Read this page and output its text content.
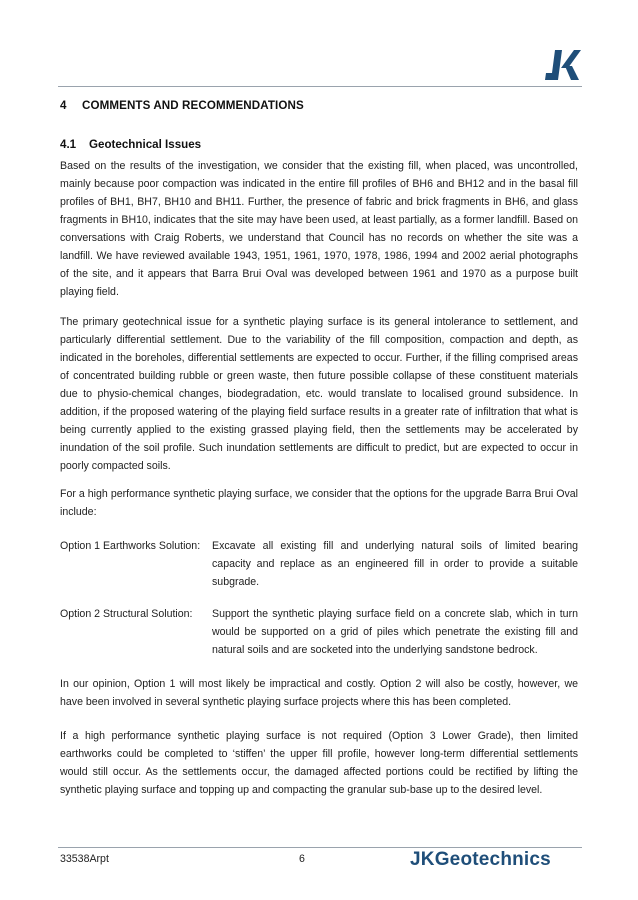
4 COMMENTS AND RECOMMENDATIONS
4.1 Geotechnical Issues

Based on the results of the investigation, we consider that the existing fill, when placed, was uncontrolled, mainly because poor compaction was indicated in the entire fill profiles of BH6 and BH12 and in the basal fill profiles of BH1, BH7, BH10 and BH11. Further, the presence of fabric and brick fragments in BH6, and glass fragments in BH10, indicates that the site may have been used, at least partially, as a former landfill. Based on conversations with Craig Roberts, we understand that Council has no records on whether the site was a landfill. We have reviewed available 1943, 1951, 1961, 1970, 1978, 1986, 1994 and 2002 aerial photographs of the site, and it appears that Barra Brui Oval was developed between 1961 and 1970 as a purpose built playing field.

The primary geotechnical issue for a synthetic playing surface is its general intolerance to settlement, and particularly differential settlement. Due to the variability of the fill composition, compaction and depth, as indicated in the boreholes, differential settlements are expected to occur. Further, if the filling comprised areas of concentrated building rubble or green waste, then future possible collapse of these constituent materials due to physio-chemical changes, biodegradation, etc. would translate to localised ground subsidence. In addition, if the proposed watering of the playing field surface results in a greater rate of infiltration that what is being currently applied to the existing grassed playing field, then the settlements may be accelerated by inundation of the soil profile. Such inundation settlements are difficult to predict, but are expected to occur in poorly compacted soils.

For a high performance synthetic playing surface, we consider that the options for the upgrade Barra Brui Oval include:

Option 1 Earthworks Solution: Excavate all existing fill and underlying natural soils of limited bearing capacity and replace as an engineered fill in order to provide a suitable subgrade.

Option 2 Structural Solution: Support the synthetic playing surface field on a concrete slab, which in turn would be supported on a grid of piles which penetrate the existing fill and natural soils and are socketed into the underlying sandstone bedrock.

In our opinion, Option 1 will most likely be impractical and costly. Option 2 will also be costly, however, we have been involved in several synthetic playing surface projects where this has been completed.

If a high performance synthetic playing surface is not required (Option 3 Lower Grade), then limited earthworks could be completed to ‘stiffen’ the upper fill profile, however long-term differential settlements would still occur. As the settlements occur, the damaged affected portions could be rectified by lifting the synthetic playing surface and topping up and compacting the granular sub-base up to the desired level.

33538Arpt	6	JKGeotechnics
